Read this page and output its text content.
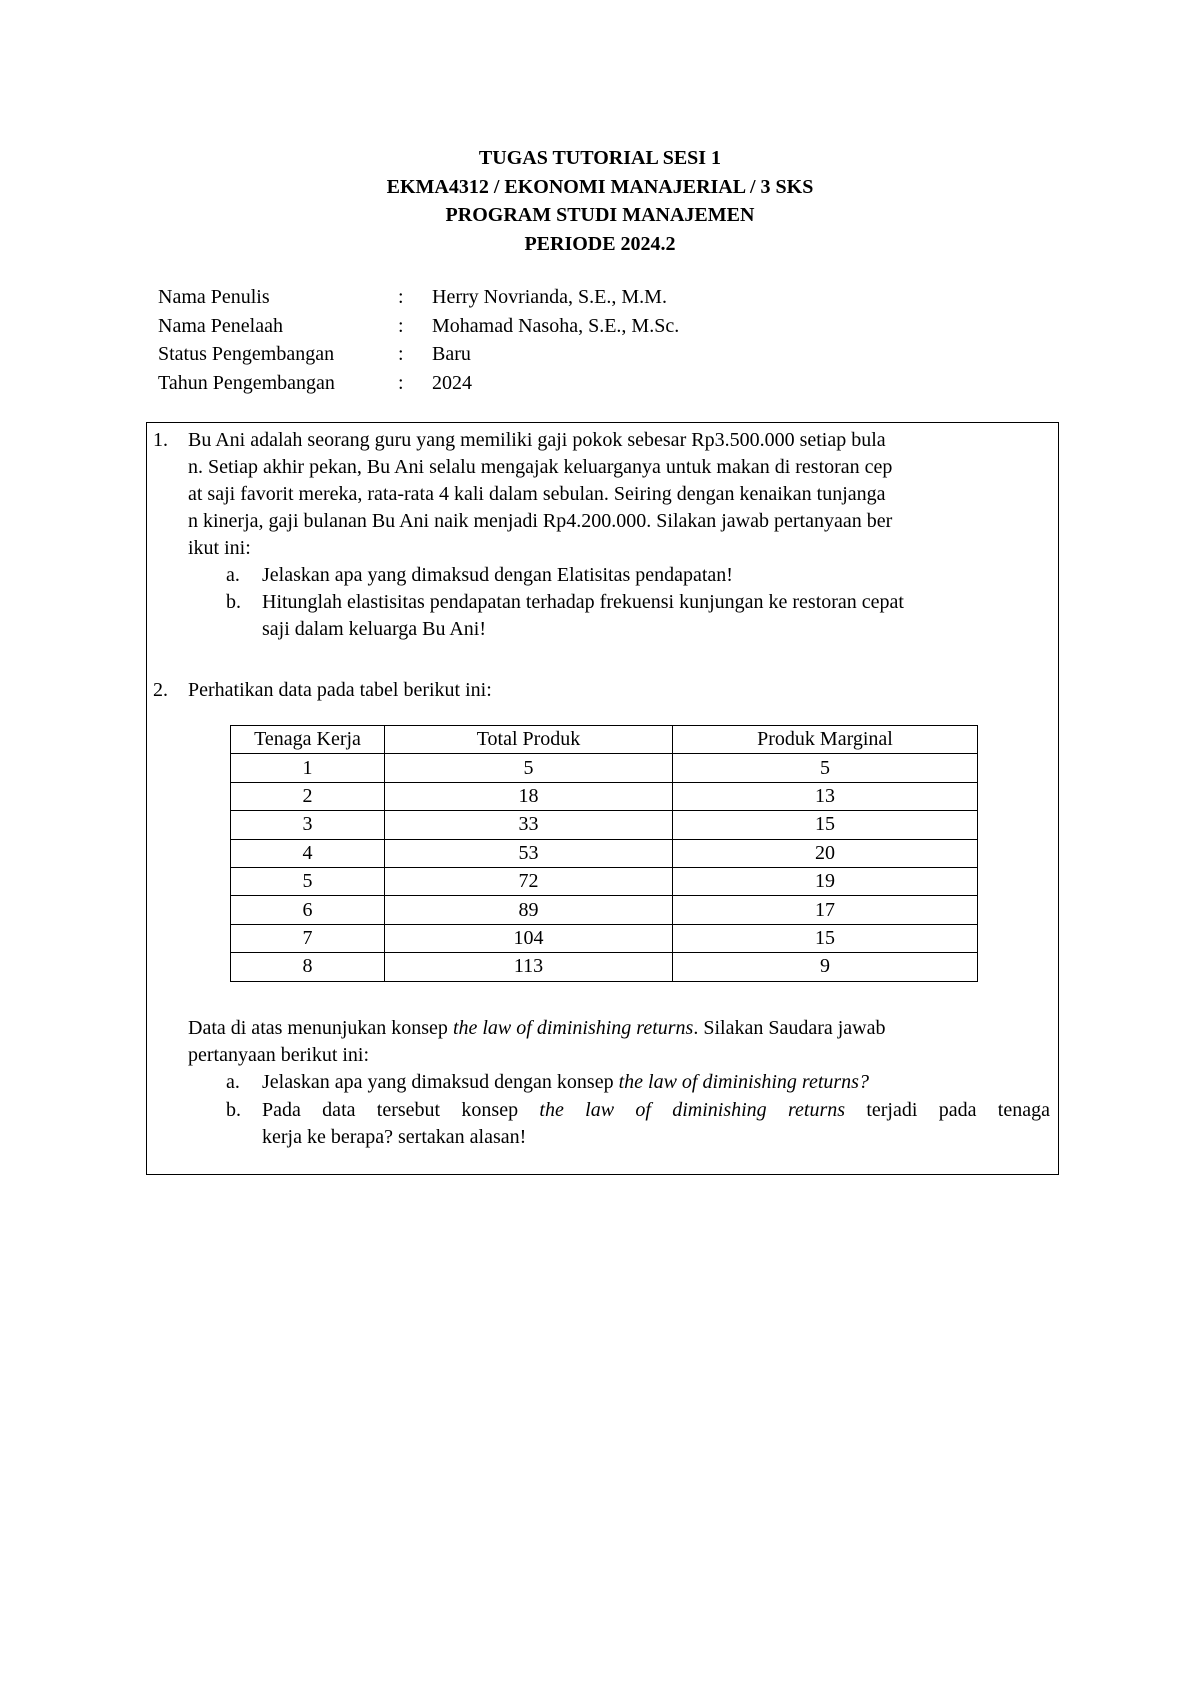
TUGAS TUTORIAL SESI 1
EKMA4312 / EKONOMI MANAJERIAL / 3 SKS
PROGRAM STUDI MANAJEMEN
PERIODE 2024.2
Nama Penulis	:	Herry Novrianda, S.E., M.M.
Nama Penelaah	:	Mohamad Nasoha, S.E., M.Sc.
Status Pengembangan	:	Baru
Tahun Pengembangan	:	2024
1. Bu Ani adalah seorang guru yang memiliki gaji pokok sebesar Rp3.500.000 setiap bula
n. Setiap akhir pekan, Bu Ani selalu mengajak keluarganya untuk makan di restoran cep
at saji favorit mereka, rata-rata 4 kali dalam sebulan. Seiring dengan kenaikan tunjanga
n kinerja, gaji bulanan Bu Ani naik menjadi Rp4.200.000. Silakan jawab pertanyaan ber
ikut ini:
a. Jelaskan apa yang dimaksud dengan Elatisitas pendapatan!
b. Hitunglah elastisitas pendapatan terhadap frekuensi kunjungan ke restoran cepat
saji dalam keluarga Bu Ani!
2. Perhatikan data pada tabel berikut ini:
Tenaga Kerja	Total Produk	Produk Marginal
1	5	5
2	18	13
3	33	15
4	53	20
5	72	19
6	89	17
7	104	15
8	113	9
Data di atas menunjukan konsep the law of diminishing returns. Silakan Saudara jawab
pertanyaan berikut ini:
a. Jelaskan apa yang dimaksud dengan konsep the law of diminishing returns?
b. Pada data tersebut konsep the law of diminishing returns terjadi pada tenaga
kerja ke berapa? sertakan alasan!
